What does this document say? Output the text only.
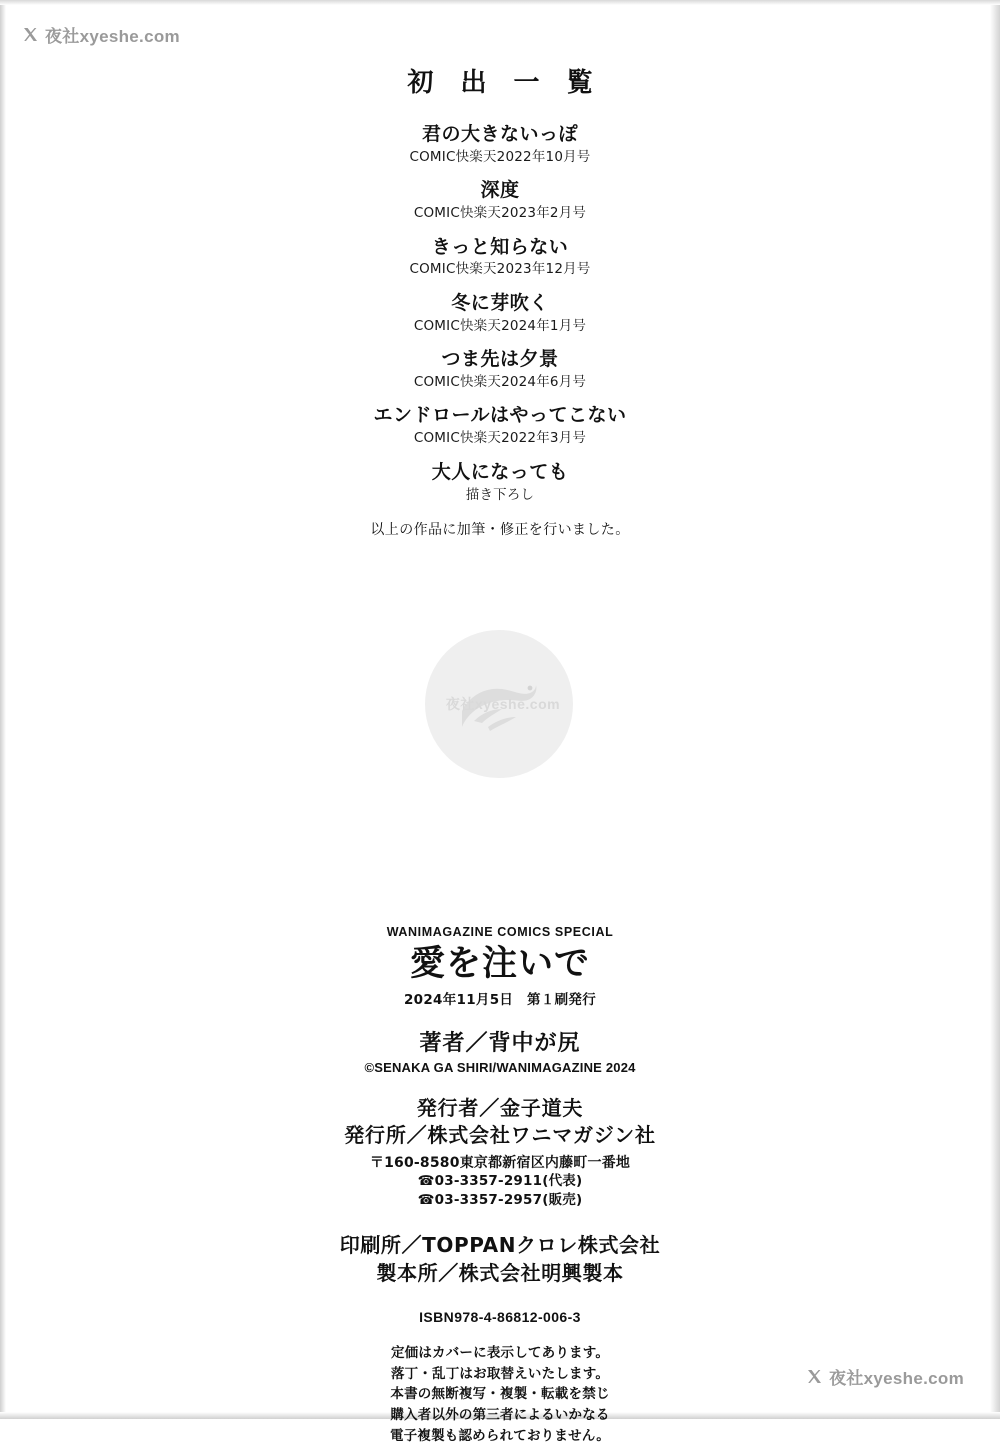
夜社xyeshe.com
夜社xyeshe.com
初 出 一 覧
君の大きないっぽ
COMIC快楽天2022年10月号
深度
COMIC快楽天2023年2月号
きっと知らない
COMIC快楽天2023年12月号
冬に芽吹く
COMIC快楽天2024年1月号
つま先は夕景
COMIC快楽天2024年6月号
エンドロールはやってこない
COMIC快楽天2022年3月号
大人になっても
描き下ろし
以上の作品に加筆・修正を行いました。
夜社xyeshe.com
WANIMAGAZINE COMICS SPECIAL
愛を注いで
2024年11月5日　第１刷発行
著者／背中が尻
©SENAKA GA SHIRI/WANIMAGAZINE 2024
発行者／金子道夫
発行所／株式会社ワニマガジン社
〒160-8580東京都新宿区内藤町一番地
☎03-3357-2911(代表)
☎03-3357-2957(販売)
印刷所／TOPPANクロレ株式会社
製本所／株式会社明興製本
ISBN978-4-86812-006-3
定価はカバーに表示してあります。
落丁・乱丁はお取替えいたします。
本書の無断複写・複製・転載を禁じ
購入者以外の第三者によるいかなる
電子複製も認められておりません。
